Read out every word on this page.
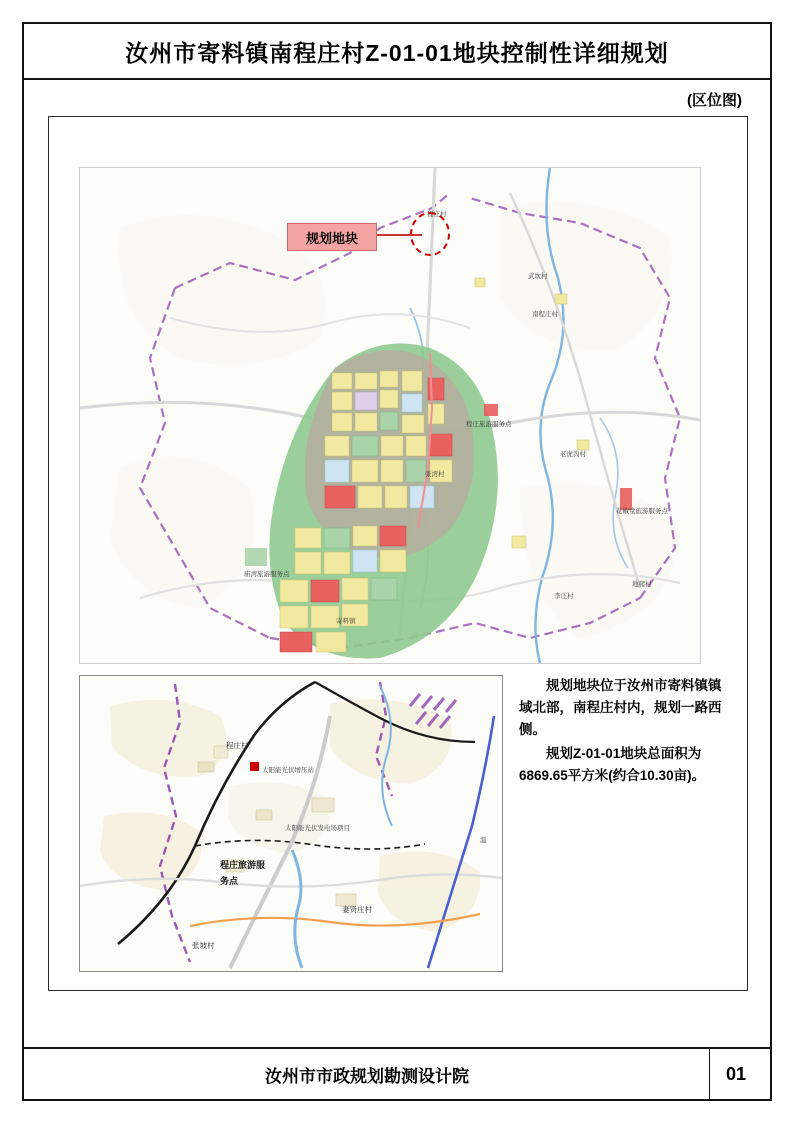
汝州市寄料镇南程庄村Z-01-01地块控制性详细规划
(区位图)
程庄村
程庄旅游服务点
南程庄村
武坎村
老虎沟村
张湾村
花椒堂旅游服务点
地爬村
李庄村
庙湾旅游服务点
寄料镇
规划地块
程庄村
太阳能光伏增压站
太阳能光伏发电场项目
程庄旅游服
务点
妻贤庄村
张坡村
温

规划地块位于汝州市寄料镇镇域北部，南程庄村内，规划一路西侧。

规划Z-01-01地块总面积为6869.65平方米(约合10.30亩)。

汝州市市政规划勘测设计院	01
